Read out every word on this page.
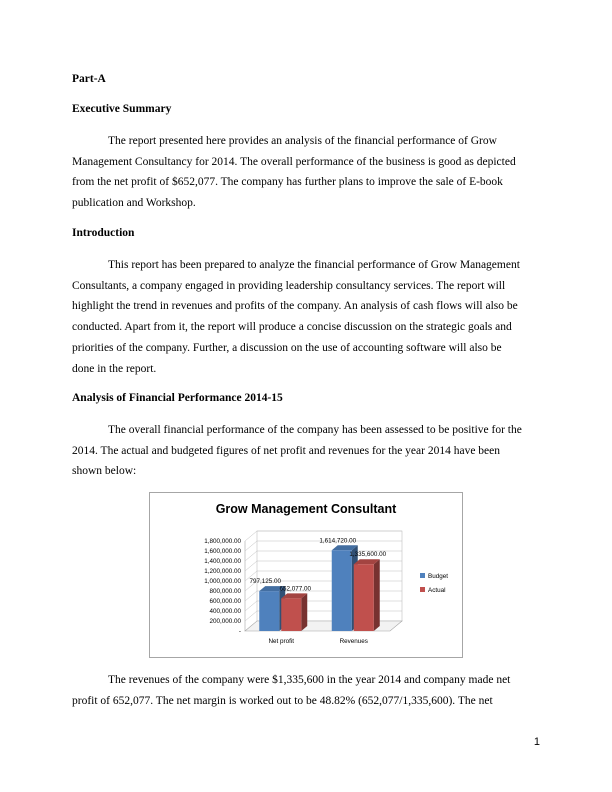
Part-A
Executive Summary
The report presented here provides an analysis of the financial performance of Grow
Management Consultancy for 2014. The overall performance of the business is good as depicted
from the net profit of $652,077. The company has further plans to improve the sale of E-book
publication and Workshop.
Introduction
This report has been prepared to analyze the financial performance of Grow Management
Consultants, a company engaged in providing leadership consultancy services. The report will
highlight the trend in revenues and profits of the company. An analysis of cash flows will also be
conducted. Apart from it, the report will produce a concise discussion on the strategic goals and
priorities of the company. Further, a discussion on the use of accounting software will also be
done in the report.
Analysis of Financial Performance 2014-15
The overall financial performance of the company has been assessed to be positive for the
2014. The actual and budgeted figures of net profit and revenues for the year 2014 have been
shown below:
Grow Management Consultant
-
200,000.00
400,000.00
600,000.00
800,000.00
1,000,000.00
1,200,000.00
1,400,000.00
1,600,000.00
1,800,000.00
797,125.00
652,077.00
Net profit
1,614,720.00
1,335,600.00
Revenues
Budget
Actual
The revenues of the company were $1,335,600 in the year 2014 and company made net
profit of 652,077. The net margin is worked out to be 48.82% (652,077/1,335,600). The net
1
